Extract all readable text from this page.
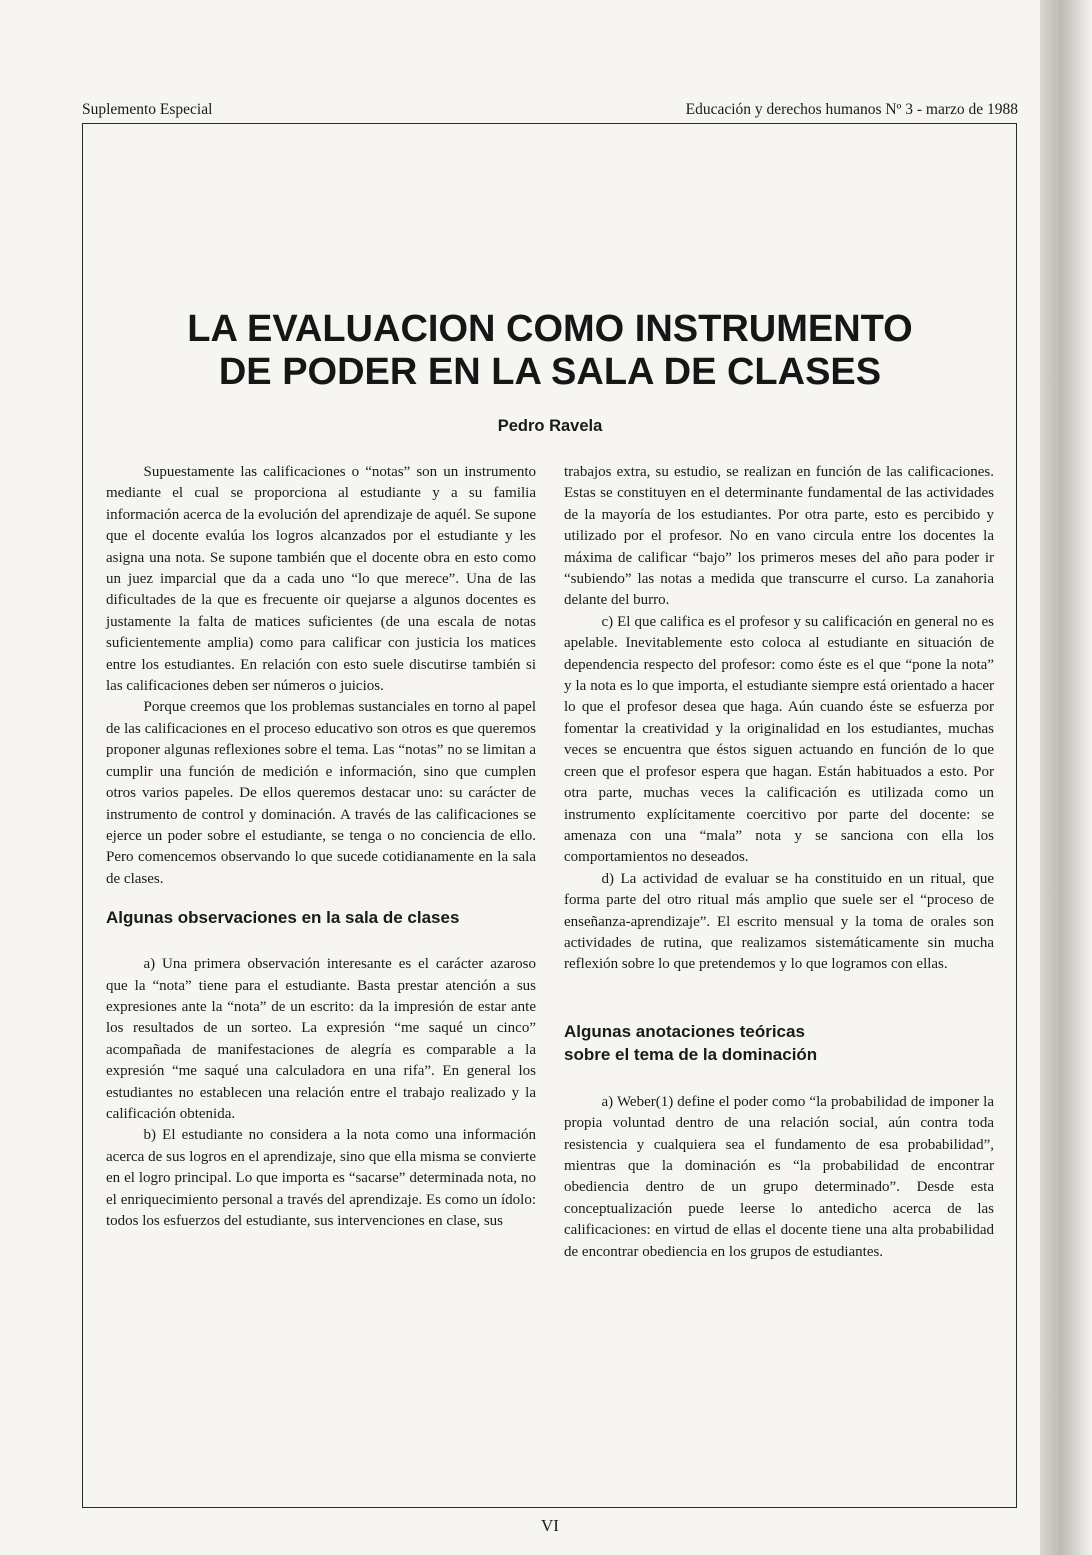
Suplemento Especial	Educación y derechos humanos Nº 3 - marzo de 1988
LA EVALUACION COMO INSTRUMENTO
DE PODER EN LA SALA DE CLASES
Pedro Ravela

Supuestamente las calificaciones o “notas” son un instrumento mediante el cual se proporciona al estudiante y a su familia información acerca de la evolución del aprendizaje de aquél. Se supone que el docente evalúa los logros alcanzados por el estudiante y les asigna una nota. Se supone también que el docente obra en esto como un juez imparcial que da a cada uno “lo que merece”. Una de las dificultades de la que es frecuente oir quejarse a algunos docentes es justamente la falta de matices suficientes (de una escala de notas suficientemente amplia) como para calificar con justicia los matices entre los estudiantes. En relación con esto suele discutirse también si las calificaciones deben ser números o juicios.

Porque creemos que los problemas sustanciales en torno al papel de las calificaciones en el proceso educativo son otros es que queremos proponer algunas reflexiones sobre el tema. Las “notas” no se limitan a cumplir una función de medición e información, sino que cumplen otros varios papeles. De ellos queremos destacar uno: su carácter de instrumento de control y dominación. A través de las calificaciones se ejerce un poder sobre el estudiante, se tenga o no conciencia de ello. Pero comencemos observando lo que sucede cotidianamente en la sala de clases.

Algunas observaciones en la sala de clases

a) Una primera observación interesante es el carácter azaroso que la “nota” tiene para el estudiante. Basta prestar atención a sus expresiones ante la “nota” de un escrito: da la impresión de estar ante los resultados de un sorteo. La expresión “me saqué un cinco” acompañada de manifestaciones de alegría es comparable a la expresión “me saqué una calculadora en una rifa”. En general los estudiantes no establecen una relación entre el trabajo realizado y la calificación obtenida.

b) El estudiante no considera a la nota como una información acerca de sus logros en el aprendizaje, sino que ella misma se convierte en el logro principal. Lo que importa es “sacarse” determinada nota, no el enriquecimiento personal a través del aprendizaje. Es como un ídolo: todos los esfuerzos del estudiante, sus intervenciones en clase, sus

trabajos extra, su estudio, se realizan en función de las calificaciones. Estas se constituyen en el determinante fundamental de las actividades de la mayoría de los estudiantes. Por otra parte, esto es percibido y utilizado por el profesor. No en vano circula entre los docentes la máxima de calificar “bajo” los primeros meses del año para poder ir “subiendo” las notas a medida que transcurre el curso. La zanahoria delante del burro.

c) El que califica es el profesor y su calificación en general no es apelable. Inevitablemente esto coloca al estudiante en situación de dependencia respecto del profesor: como éste es el que “pone la nota” y la nota es lo que importa, el estudiante siempre está orientado a hacer lo que el profesor desea que haga. Aún cuando éste se esfuerza por fomentar la creatividad y la originalidad en los estudiantes, muchas veces se encuentra que éstos siguen actuando en función de lo que creen que el profesor espera que hagan. Están habituados a esto. Por otra parte, muchas veces la calificación es utilizada como un instrumento explícitamente coercitivo por parte del docente: se amenaza con una “mala” nota y se sanciona con ella los comportamientos no deseados.

d) La actividad de evaluar se ha constituido en un ritual, que forma parte del otro ritual más amplio que suele ser el “proceso de enseñanza-aprendizaje”. El escrito mensual y la toma de orales son actividades de rutina, que realizamos sistemáticamente sin mucha reflexión sobre lo que pretendemos y lo que logramos con ellas.

Algunas anotaciones teóricas
sobre el tema de la dominación

a) Weber(1) define el poder como “la probabilidad de imponer la propia voluntad dentro de una relación social, aún contra toda resistencia y cualquiera sea el fundamento de esa probabilidad”, mientras que la dominación es “la probabilidad de encontrar obediencia dentro de un grupo determinado”. Desde esta conceptualización puede leerse lo antedicho acerca de las calificaciones: en virtud de ellas el docente tiene una alta probabilidad de encontrar obediencia en los grupos de estudiantes.

VI
